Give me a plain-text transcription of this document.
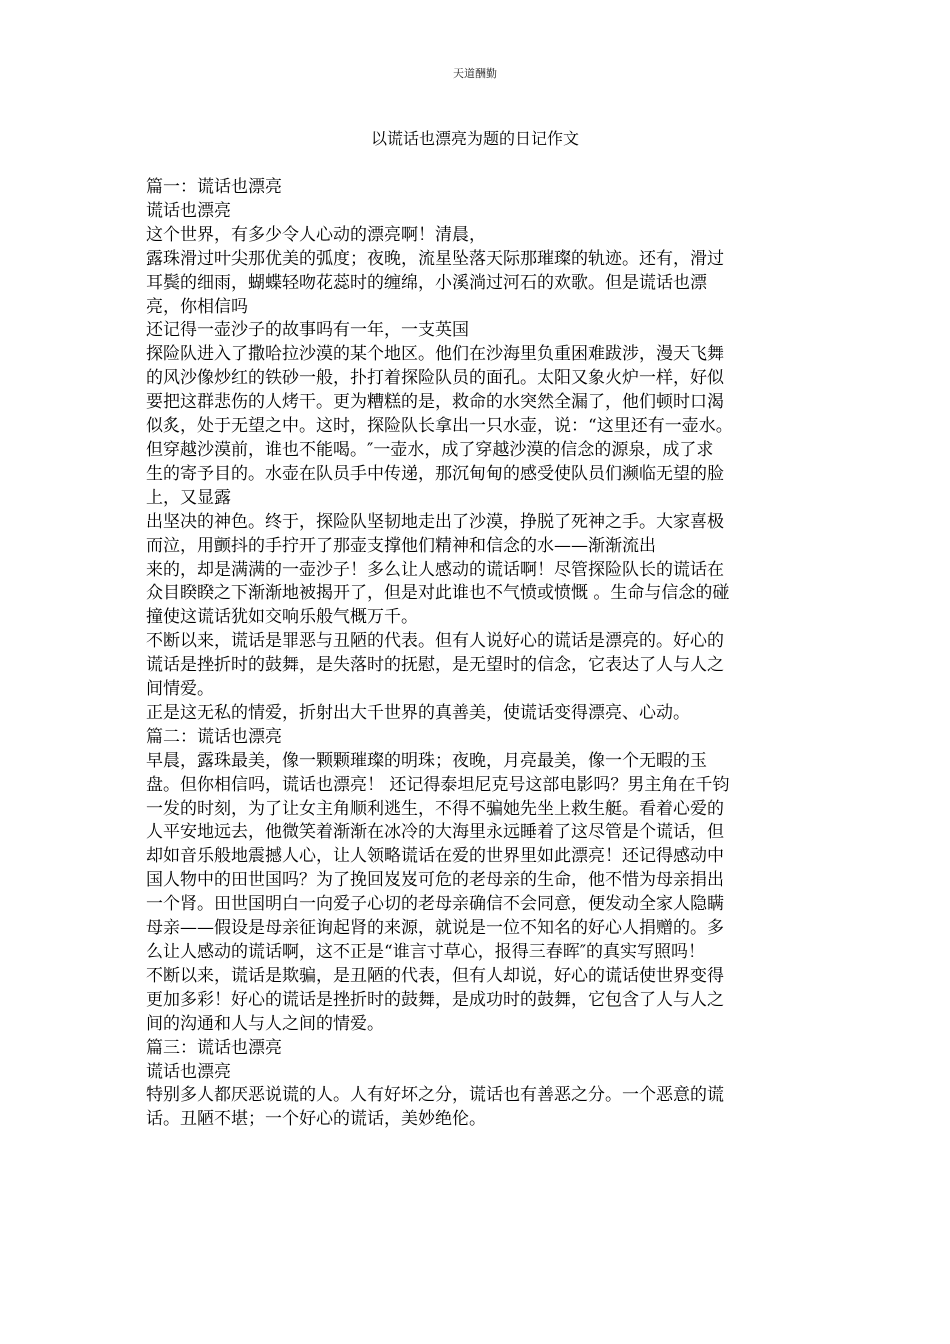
天道酬勤
以谎话也漂亮为题的日记作文

篇一：谎话也漂亮

谎话也漂亮

这个世界，有多少令人心动的漂亮啊！清晨，

露珠滑过叶尖那优美的弧度；夜晚，流星坠落天际那璀璨的轨迹。还有，滑过

耳鬓的细雨，蝴蝶轻吻花蕊时的缠绵，小溪淌过河石的欢歌。但是谎话也漂

亮，你相信吗

还记得一壶沙子的故事吗有一年，一支英国

探险队进入了撒哈拉沙漠的某个地区。他们在沙海里负重困难跋涉，漫天飞舞

的风沙像炒红的铁砂一般，扑打着探险队员的面孔。太阳又象火炉一样，好似

要把这群悲伤的人烤干。更为糟糕的是，救命的水突然全漏了，他们顿时口渴

似炙，处于无望之中。这时，探险队长拿出一只水壶，说：“这里还有一壶水。

但穿越沙漠前，谁也不能喝。″一壶水，成了穿越沙漠的信念的源泉，成了求

生的寄予目的。水壶在队员手中传递，那沉甸甸的感受使队员们濒临无望的脸

上，又显露

出坚决的神色。终于，探险队坚韧地走出了沙漠，挣脱了死神之手。大家喜极

而泣，用颤抖的手拧开了那壶支撑他们精神和信念的水——渐渐流出

来的，却是满满的一壶沙子！多么让人感动的谎话啊！尽管探险队长的谎话在

众目睽睽之下渐渐地被揭开了，但是对此谁也不气愤或愤慨 。生命与信念的碰

撞使这谎话犹如交响乐般气概万千。

不断以来，谎话是罪恶与丑陋的代表。但有人说好心的谎话是漂亮的。好心的

谎话是挫折时的鼓舞，是失落时的抚慰，是无望时的信念，它表达了人与人之

间情爱。

正是这无私的情爱，折射出大千世界的真善美，使谎话变得漂亮、心动。

篇二：谎话也漂亮

早晨，露珠最美，像一颗颗璀璨的明珠；夜晚，月亮最美，像一个无暇的玉

盘。但你相信吗，谎话也漂亮！ 还记得泰坦尼克号这部电影吗？男主角在千钧

一发的时刻，为了让女主角顺利逃生，不得不骗她先坐上救生艇。看着心爱的

人平安地远去，他微笑着渐渐在冰冷的大海里永远睡着了这尽管是个谎话，但

却如音乐般地震撼人心，让人领略谎话在爱的世界里如此漂亮！还记得感动中

国人物中的田世国吗？为了挽回岌岌可危的老母亲的生命，他不惜为母亲捐出

一个肾。田世国明白一向爱子心切的老母亲确信不会同意，便发动全家人隐瞒

母亲——假设是母亲征询起肾的来源，就说是一位不知名的好心人捐赠的。多

么让人感动的谎话啊，这不正是“谁言寸草心，报得三春晖″的真实写照吗！

不断以来，谎话是欺骗，是丑陋的代表，但有人却说，好心的谎话使世界变得

更加多彩！好心的谎话是挫折时的鼓舞，是成功时的鼓舞，它包含了人与人之

间的沟通和人与人之间的情爱。

篇三：谎话也漂亮

谎话也漂亮

特别多人都厌恶说谎的人。人有好坏之分，谎话也有善恶之分。一个恶意的谎

话。丑陋不堪；一个好心的谎话，美妙绝伦。
